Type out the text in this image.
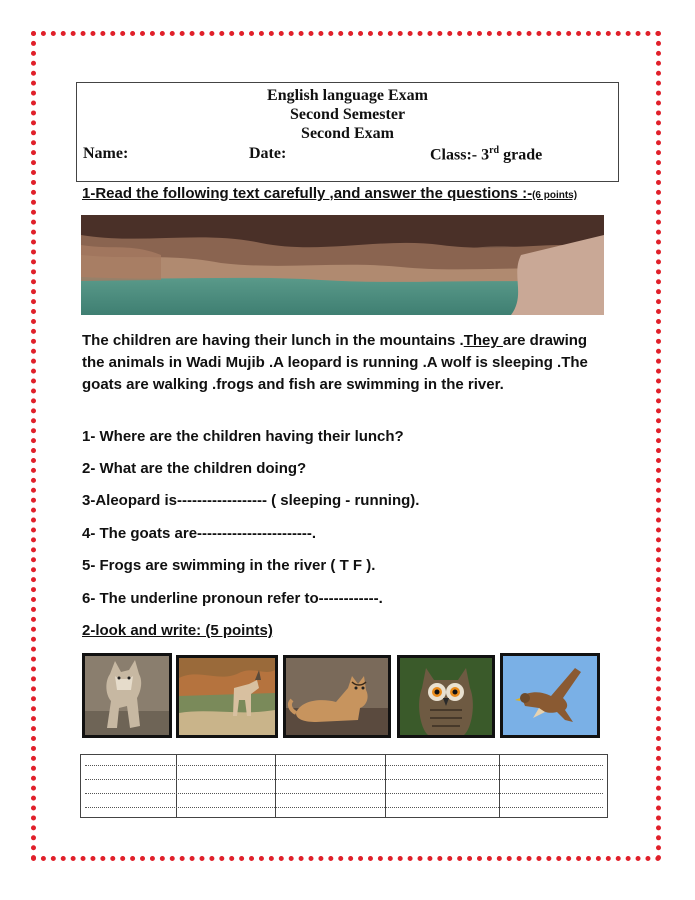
English language Exam
Second Semester
Second Exam
Name:	Date:	Class:- 3rd grade
1-Read the following text carefully ,and answer the questions :-(6 points)
The children are having their lunch in the mountains .They are drawing the animals in Wadi Mujib .A leopard is running .A wolf is sleeping .The goats are walking .frogs and fish are swimming in the river.
1- Where are the children having their lunch?
2- What are the children doing?
3-Aleopard is------------------ ( sleeping - running).
4- The goats are-----------------------.
5- Frogs are swimming in the river ( T F ).
6- The underline pronoun refer to------------.
2-look and write: (5 points)
